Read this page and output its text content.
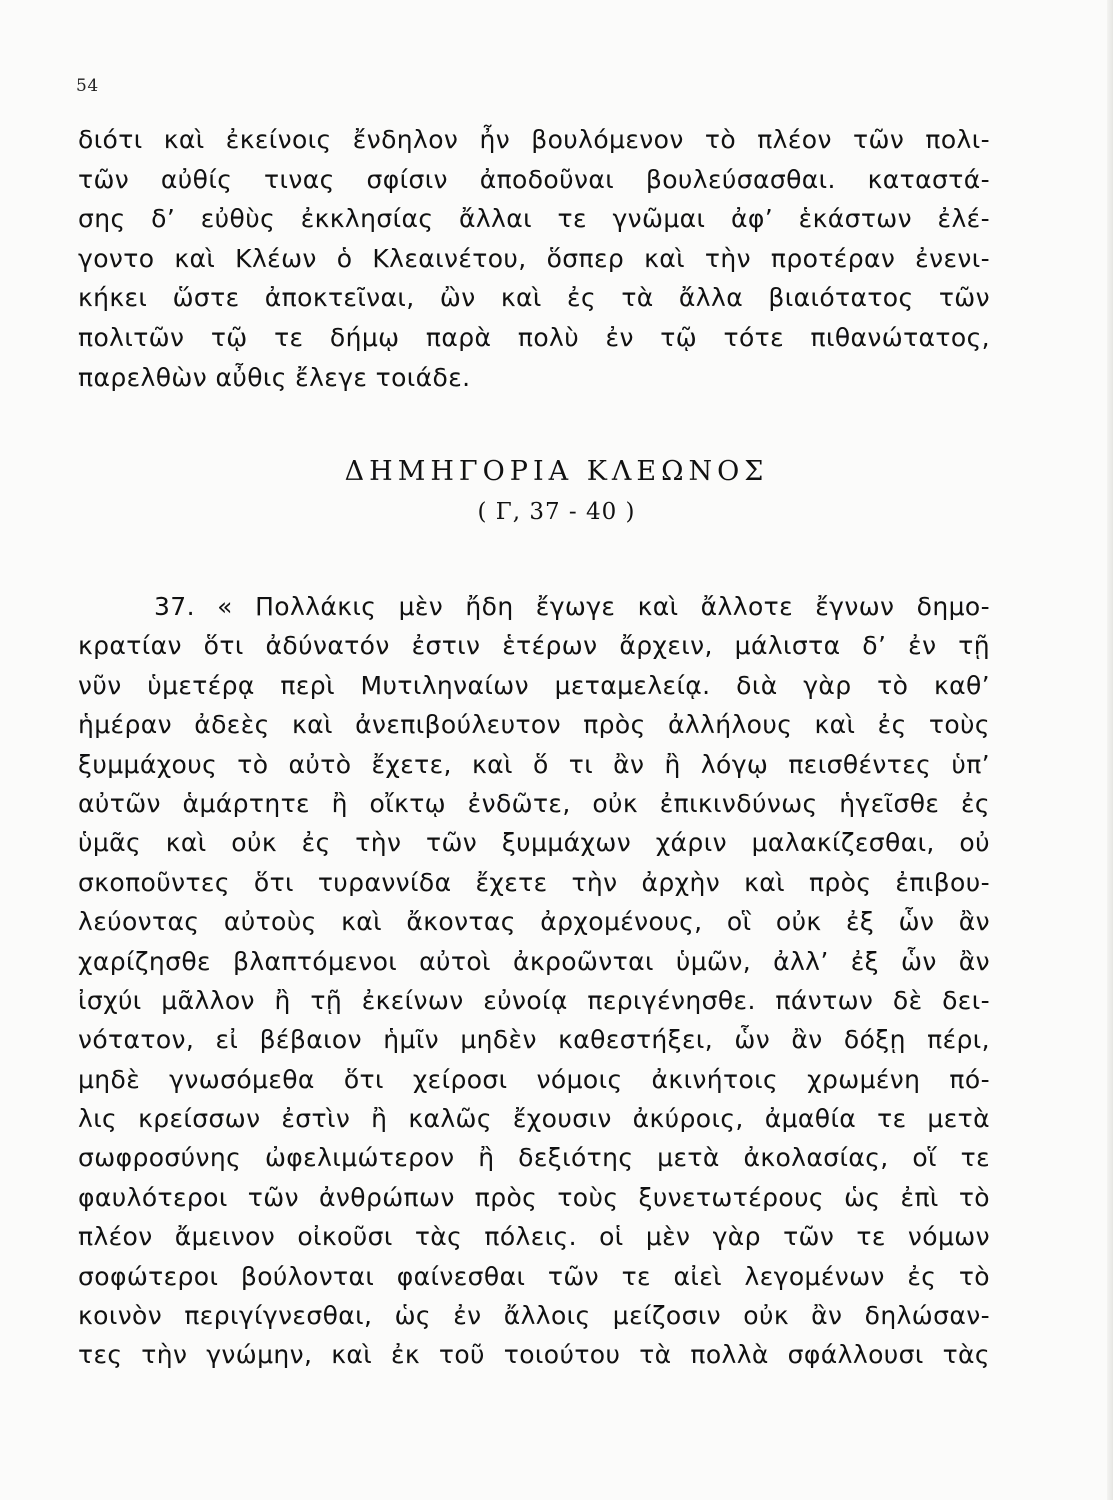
54
διότι καὶ ἐκείνοις ἔνδηλον ἦν βουλόμενον τὸ πλέον τῶν πολι-
τῶν αὐθίς τινας σφίσιν ἀποδοῦναι βουλεύσασθαι. καταστά-
σης δ’ εὐθὺς ἐκκλησίας ἄλλαι τε γνῶμαι ἀφ’ ἑκάστων ἐλέ-
γοντο καὶ Κλέων ὁ Κλεαινέτου, ὅσπερ καὶ τὴν προτέραν ἐνενι-
κήκει ὥστε ἀποκτεῖναι, ὢν καὶ ἐς τὰ ἄλλα βιαιότατος τῶν
πολιτῶν τῷ τε δήμῳ παρὰ πολὺ ἐν τῷ τότε πιθανώτατος,
παρελθὼν αὖθις ἔλεγε τοιάδε.
ΔΗΜΗΓΟΡΙΑ ΚΛΕΩΝΟΣ
( Γ, 37 - 40 )
37. « Πολλάκις μὲν ἤδη ἔγωγε καὶ ἄλλοτε ἔγνων δημο-
κρατίαν ὅτι ἀδύνατόν ἐστιν ἑτέρων ἄρχειν, μάλιστα δ’ ἐν τῇ
νῦν ὑμετέρᾳ περὶ Μυτιληναίων μεταμελείᾳ. διὰ γὰρ τὸ καθ’
ἡμέραν ἀδεὲς καὶ ἀνεπιβούλευτον πρὸς ἀλλήλους καὶ ἐς τοὺς
ξυμμάχους τὸ αὐτὸ ἔχετε, καὶ ὅ τι ἂν ἢ λόγῳ πεισθέντες ὑπ’
αὐτῶν ἁμάρτητε ἢ οἴκτῳ ἐνδῶτε, οὐκ ἐπικινδύνως ἡγεῖσθε ἐς
ὑμᾶς καὶ οὐκ ἐς τὴν τῶν ξυμμάχων χάριν μαλακίζεσθαι, οὐ
σκοποῦντες ὅτι τυραννίδα ἔχετε τὴν ἀρχὴν καὶ πρὸς ἐπιβου-
λεύοντας αὐτοὺς καὶ ἄκοντας ἀρχομένους, οἳ οὐκ ἐξ ὧν ἂν
χαρίζησθε βλαπτόμενοι αὐτοὶ ἀκροῶνται ὑμῶν, ἀλλ’ ἐξ ὧν ἂν
ἰσχύι μᾶλλον ἢ τῇ ἐκείνων εὐνοίᾳ περιγένησθε. πάντων δὲ δει-
νότατον, εἰ βέβαιον ἡμῖν μηδὲν καθεστήξει, ὧν ἂν δόξῃ πέρι,
μηδὲ γνωσόμεθα ὅτι χείροσι νόμοις ἀκινήτοις χρωμένη πό-
λις κρείσσων ἐστὶν ἢ καλῶς ἔχουσιν ἀκύροις, ἀμαθία τε μετὰ
σωφροσύνης ὠφελιμώτερον ἢ δεξιότης μετὰ ἀκολασίας, οἵ τε
φαυλότεροι τῶν ἀνθρώπων πρὸς τοὺς ξυνετωτέρους ὡς ἐπὶ τὸ
πλέον ἄμεινον οἰκοῦσι τὰς πόλεις. οἱ μὲν γὰρ τῶν τε νόμων
σοφώτεροι βούλονται φαίνεσθαι τῶν τε αἰεὶ λεγομένων ἐς τὸ
κοινὸν περιγίγνεσθαι, ὡς ἐν ἄλλοις μείζοσιν οὐκ ἂν δηλώσαν-
τες τὴν γνώμην, καὶ ἐκ τοῦ τοιούτου τὰ πολλὰ σφάλλουσι τὰς
